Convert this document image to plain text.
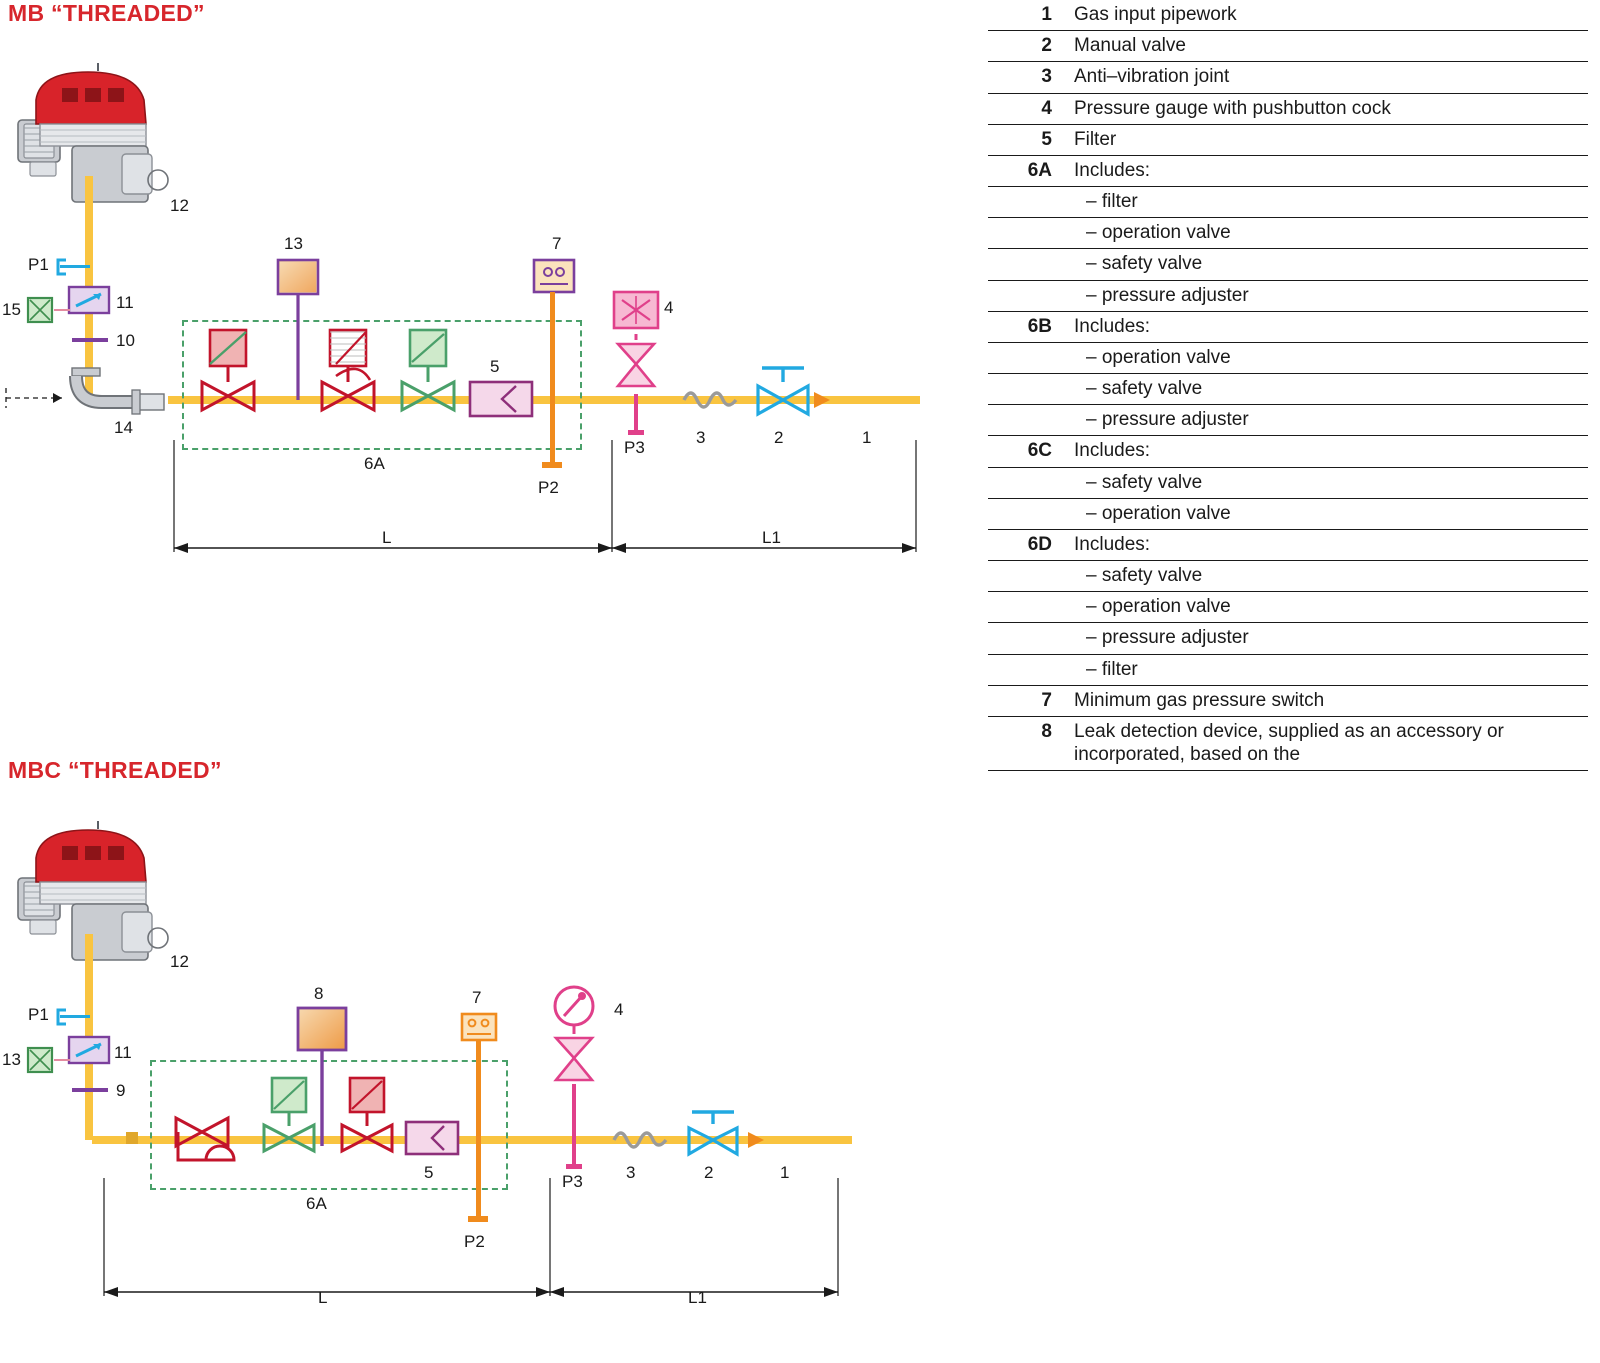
MB “THREADED”
12
P1
11
15
10
14
6A
13
5
7
P2
4
P3
3	2	1
L	L1
MBC “THREADED”
12
P1
11
13
9
6A
8
5
7
P2
4
P3	3	2	1
L	L1
1	Gas input pipework
2	Manual valve
3	Anti–vibration joint
4	Pressure gauge with pushbutton cock
5	Filter
6A	Includes:
– filter
– operation valve
– safety valve
– pressure adjuster
6B	Includes:
– operation valve
– safety valve
– pressure adjuster
6C	Includes:
– safety valve
– operation valve
6D	Includes:
– safety valve
– operation valve
– pressure adjuster
– filter
7	Minimum gas pressure switch
8	Leak detection device, supplied as an accessory or incorporated, based on the
